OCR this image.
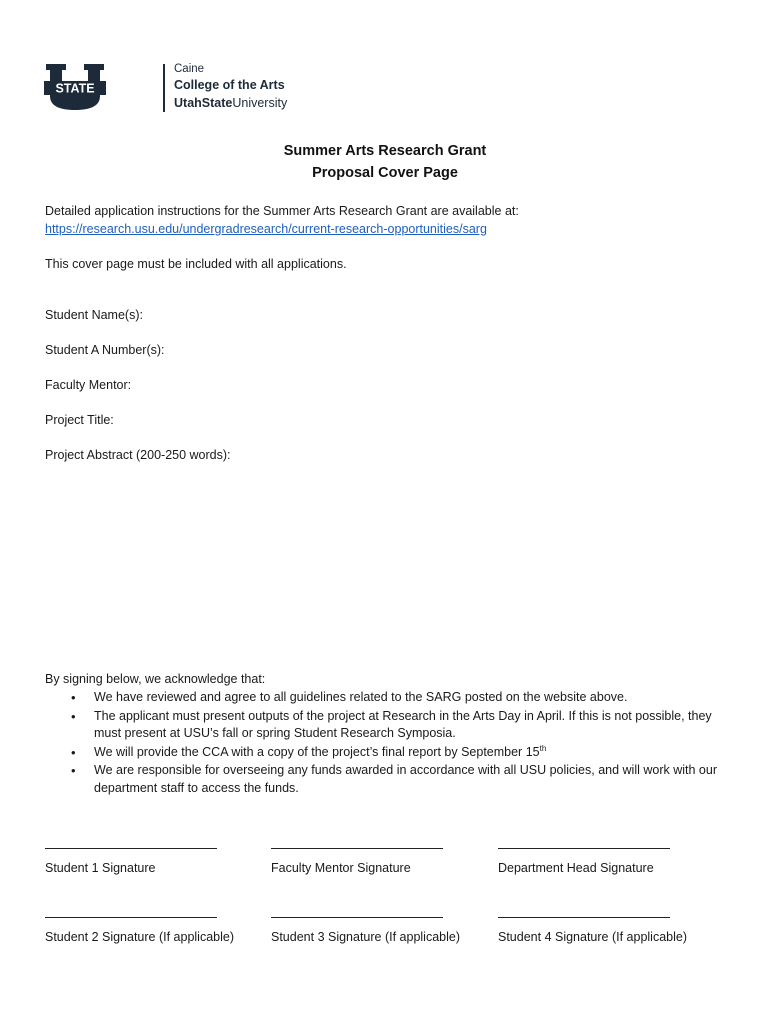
STATE
Caine
College of the Arts
UtahStateUniversity
Summer Arts Research Grant
Proposal Cover Page
Detailed application instructions for the Summer Arts Research Grant are available at:
https://research.usu.edu/undergradresearch/current-research-opportunities/sarg
This cover page must be included with all applications.
Student Name(s):
Student A Number(s):
Faculty Mentor:
Project Title:
Project Abstract (200-250 words):
By signing below, we acknowledge that:
• We have reviewed and agree to all guidelines related to the SARG posted on the website above.
• The applicant must present outputs of the project at Research in the Arts Day in April. If this is not possible, they must present at USU’s fall or spring Student Research Symposia.
• We will provide the CCA with a copy of the project’s final report by September 15th
• We are responsible for overseeing any funds awarded in accordance with all USU policies, and will work with our department staff to access the funds.
Student 1 Signature	Faculty Mentor Signature	Department Head Signature
Student 2 Signature (If applicable)	Student 3 Signature (If applicable)	Student 4 Signature (If applicable)
